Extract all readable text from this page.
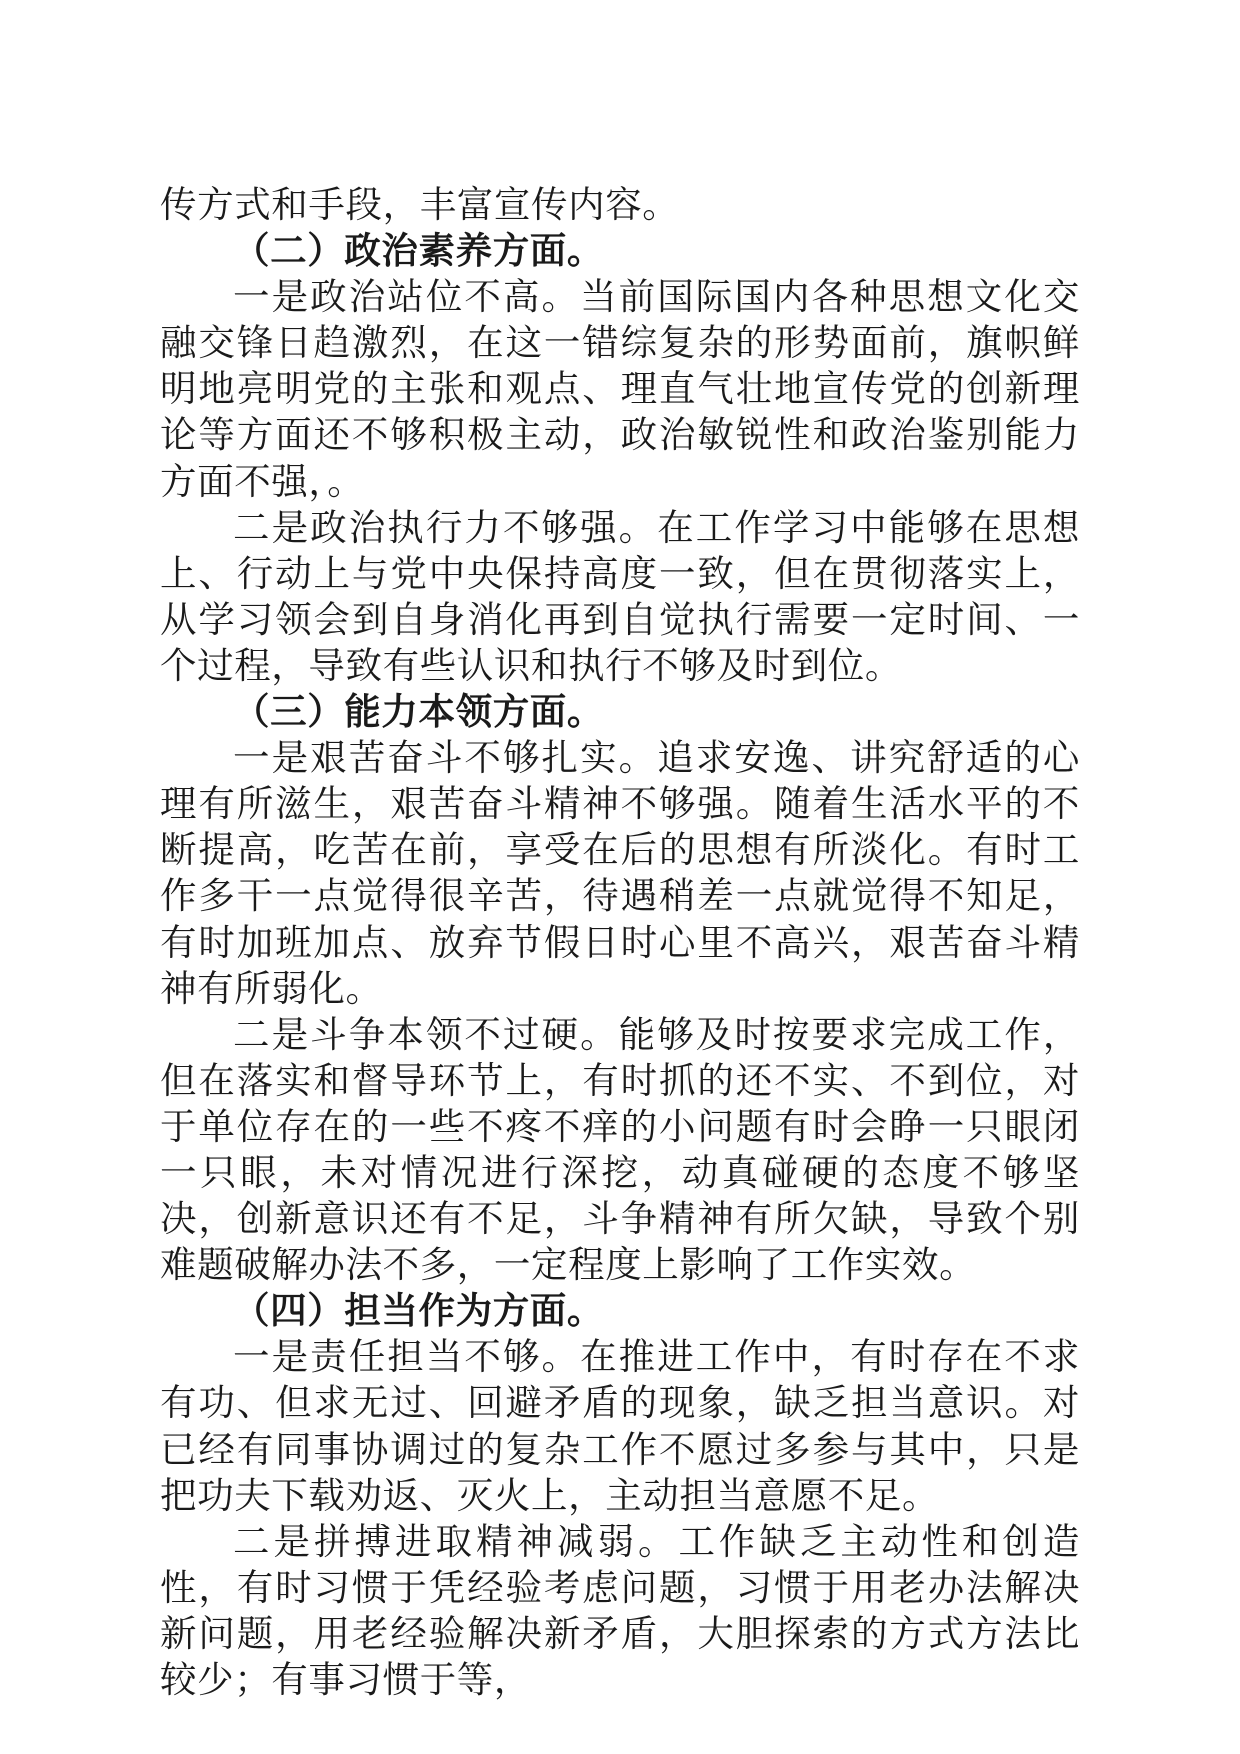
传方式和手段，丰富宣传内容。

（二）政治素养方面。

一是政治站位不高。当前国际国内各种思想文化交融交锋日趋激烈，在这一错综复杂的形势面前，旗帜鲜明地亮明党的主张和观点、理直气壮地宣传党的创新理论等方面还不够积极主动，政治敏锐性和政治鉴别能力方面不强，。

二是政治执行力不够强。在工作学习中能够在思想上、行动上与党中央保持高度一致，但在贯彻落实上，从学习领会到自身消化再到自觉执行需要一定时间、一个过程，导致有些认识和执行不够及时到位。

（三）能力本领方面。

一是艰苦奋斗不够扎实。追求安逸、讲究舒适的心理有所滋生，艰苦奋斗精神不够强。随着生活水平的不断提高，吃苦在前，享受在后的思想有所淡化。有时工作多干一点觉得很辛苦，待遇稍差一点就觉得不知足，有时加班加点、放弃节假日时心里不高兴，艰苦奋斗精神有所弱化。

二是斗争本领不过硬。能够及时按要求完成工作，但在落实和督导环节上，有时抓的还不实、不到位，对于单位存在的一些不疼不痒的小问题有时会睁一只眼闭一只眼，未对情况进行深挖，动真碰硬的态度不够坚决，创新意识还有不足，斗争精神有所欠缺，导致个别难题破解办法不多，一定程度上影响了工作实效。

（四）担当作为方面。

一是责任担当不够。在推进工作中，有时存在不求有功、但求无过、回避矛盾的现象，缺乏担当意识。对已经有同事协调过的复杂工作不愿过多参与其中，只是把功夫下载劝返、灭火上，主动担当意愿不足。

二是拼搏进取精神减弱。工作缺乏主动性和创造性，有时习惯于凭经验考虑问题，习惯于用老办法解决新问题，用老经验解决新矛盾，大胆探索的方式方法比较少；有事习惯于等，
